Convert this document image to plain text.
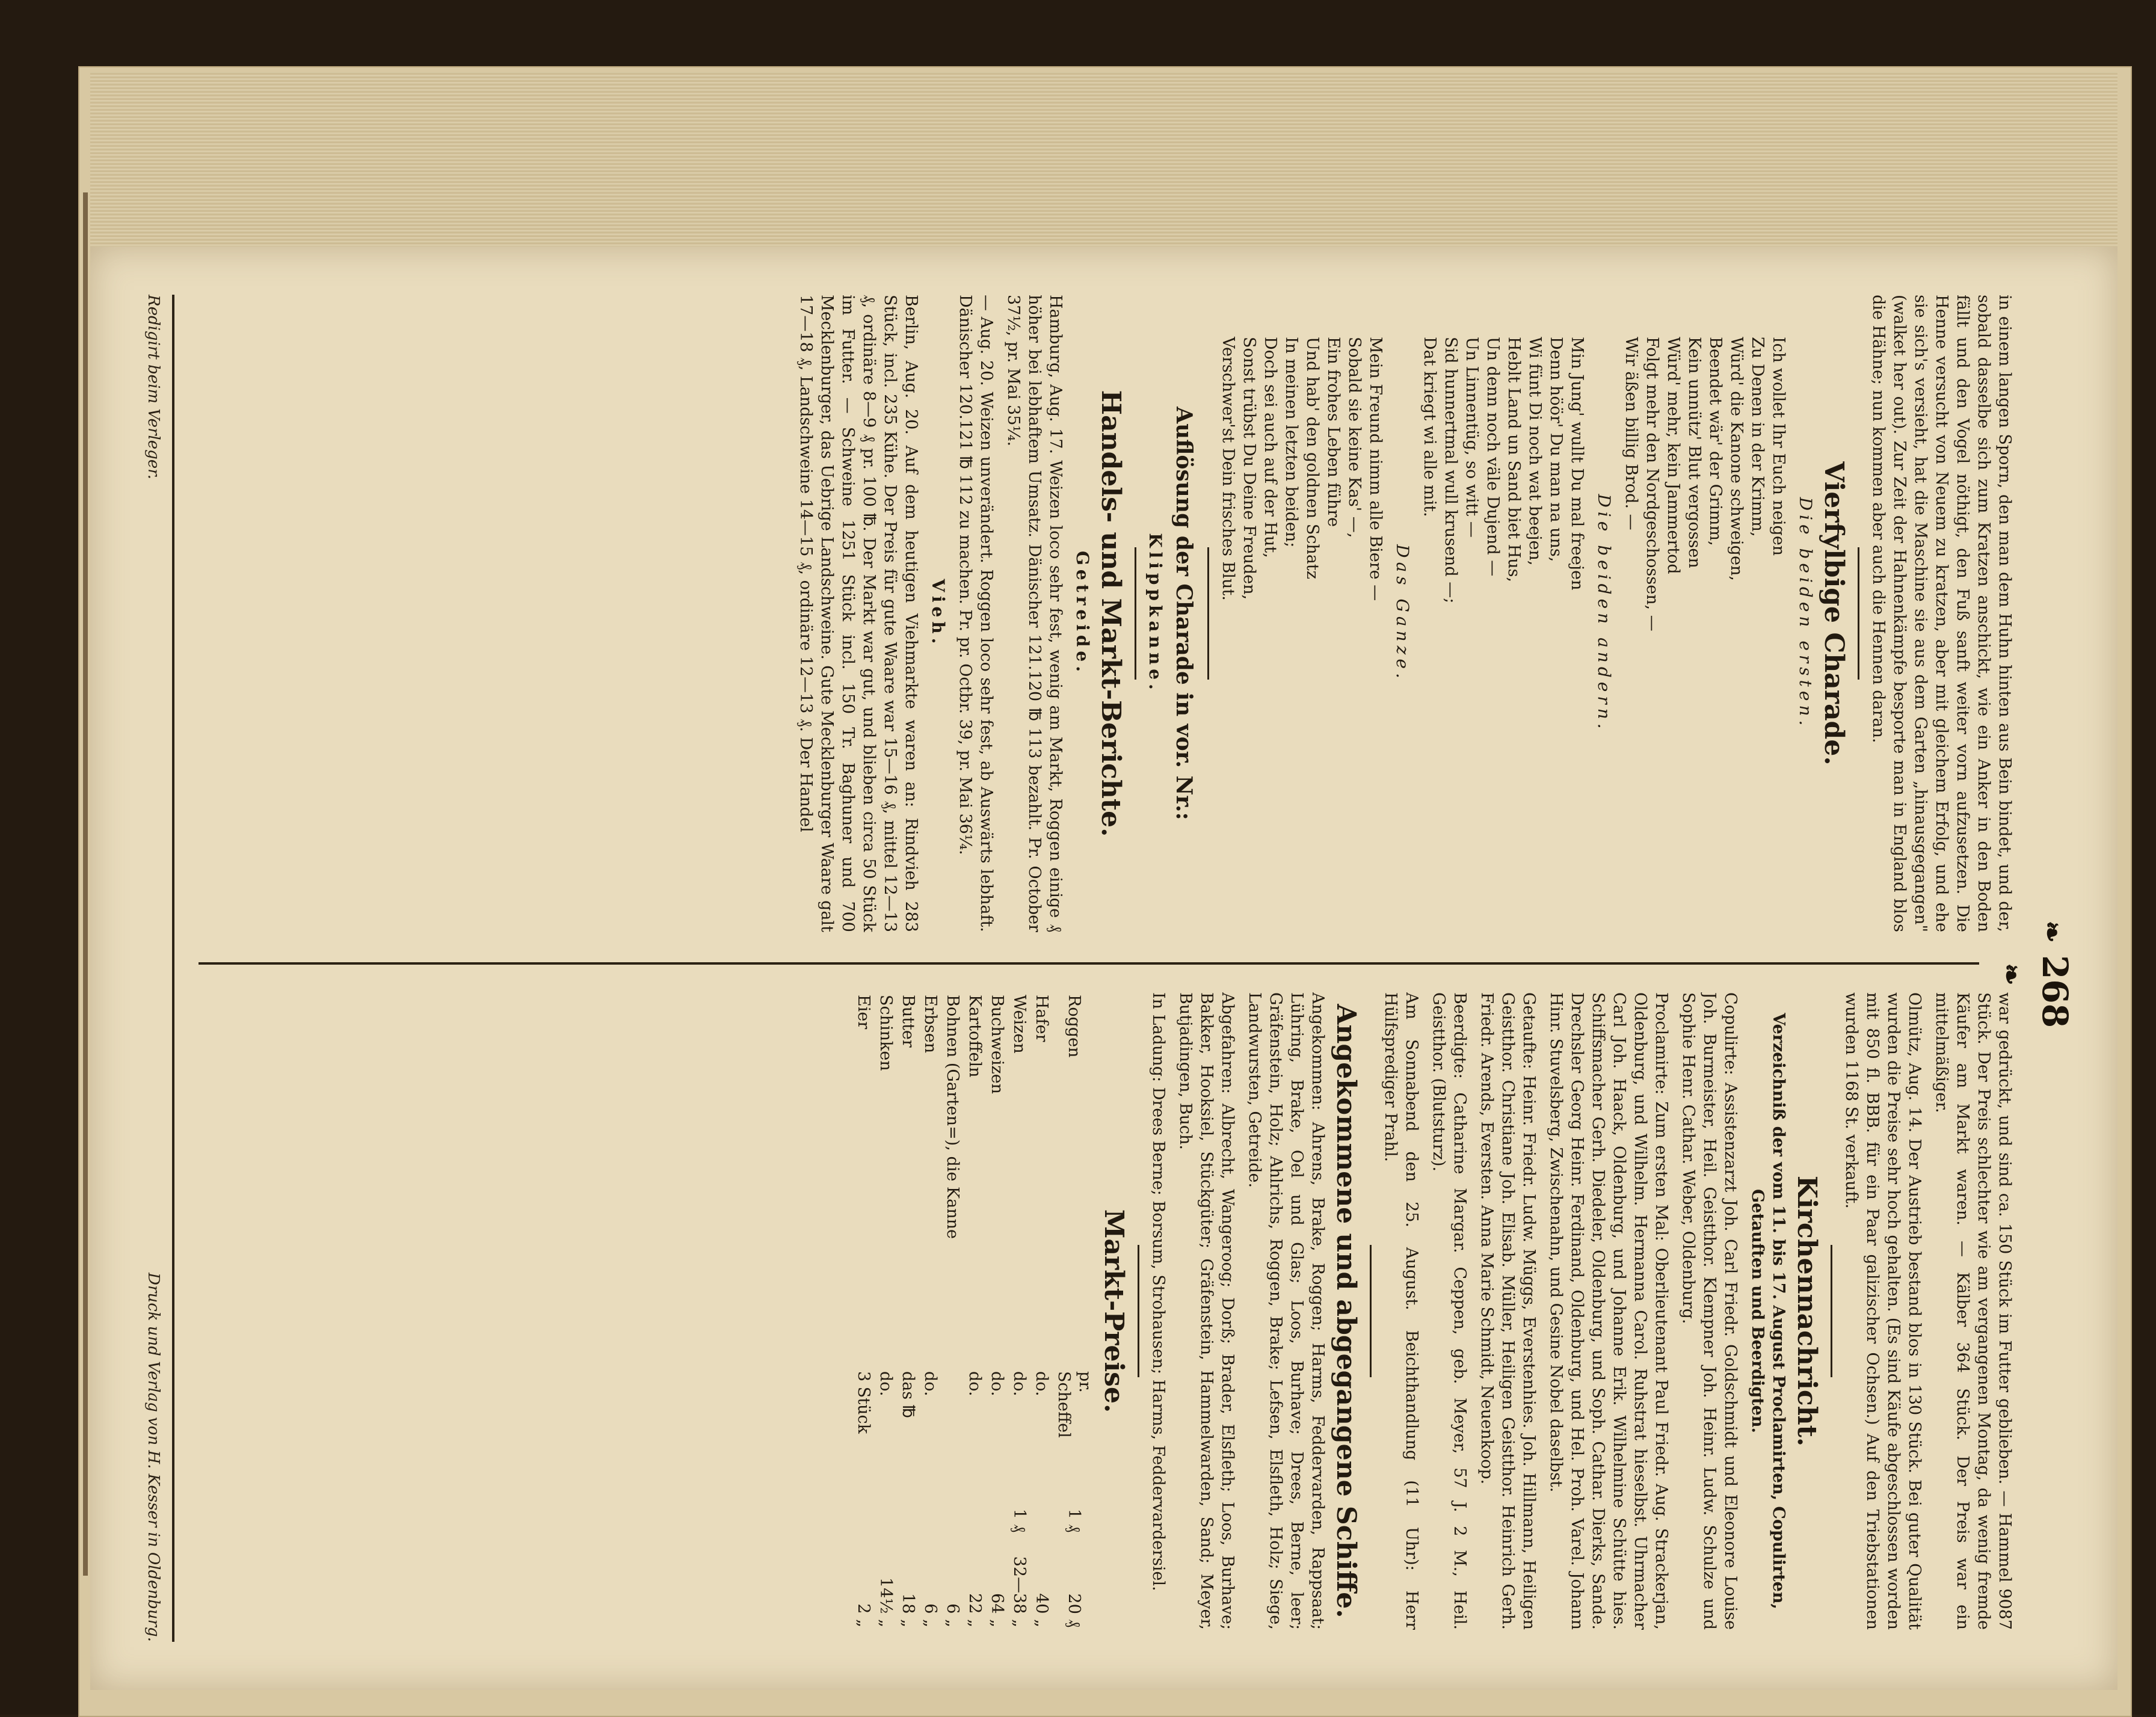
❧ 268 ❧

in einem langen Sporn, den man dem Huhn hinten aus Bein bindet, und der, sobald dasselbe sich zum Kratzen anschickt, wie ein Anker in den Boden fällt und den Vogel nöthigt, den Fuß sanft weiter vorn aufzusetzen. Die Henne versucht von Neuem zu kratzen, aber mit gleichem Erfolg, und ehe sie sich's versieht, hat die Maschine sie aus dem Garten „hinausgegangen" (walket her out). Zur Zeit der Hahnenkämpfe besporte man in England blos die Hähne; nun kommen aber auch die Hennen daran.

Vierfylbige Charade.
Die beiden ersten.
Ich wollet Ihr Euch neigen
Zu Denen in der Krimm,
Würd' die Kanone schweigen,
Beendet wär' der Grimm,
Kein unnütz' Blut vergossen
Würd' mehr, kein Jammertod
Folgt mehr den Nordgeschossen, —
Wir äßen billig Brod. —
Die beiden andern.
Min Jung' wullt Du mal freejen
Denn höör' Du man na uns,
Wi fünt Di noch wat beejen,
Heblt Land un Sand biet Hus,
Un denn noch väle Dujend —
Un Linnentüg, so witt —
Sid hunnertmal wull krusend —;
Dat kriegt wi alle mit.
Das Ganze.
Mein Freund nimm alle Biere —
Sobald sie keine Kas' —,
Ein frohes Leben führe
Und hab' den goldnen Schatz
In meinen letzten beiden;
Doch sei auch auf der Hut,
Sonst trübst Du Deine Freuden,
Verschwer'st Dein frisches Blut.
Auflösung der Charade in vor. Nr.:
Klippkanne.
Handels- und Markt-Berichte.
Getreide.

Hamburg, Aug. 17. Weizen loco sehr fest, wenig am Markt, Roggen einige ₰ höher bei lebhaftem Umsatz. Dänischer 121.120 ℔ 113 bezahlt. Pr. October 37½, pr. Mai 35¼.

— Aug. 20. Weizen unverändert. Roggen loco sehr fest, ab Auswärts lebhaft. Dänischer 120.121 ℔ 112 zu machen. Pr. pr. Octbr. 39, pr. Mai 36¼.

Vieh.

Berlin, Aug. 20. Auf dem heutigen Viehmarkte waren an: Rindvieh 283 Stück, incl. 235 Kühe. Der Preis für gute Waare war 15—16 ₰, mittel 12—13 ₰, ordinäre 8—9 ₰ pr. 100 ℔. Der Markt war gut, und blieben circa 50 Stück im Futter. — Schweine 1251 Stück incl. 150 Tr. Baghuner und 700 Mecklenburger, das Uebrige Landschweine. Gute Mecklenburger Waare galt 17—18 ₰, Landschweine 14—15 ₰, ordinäre 12—13 ₰. Der Handel

war gedrückt, und sind ca. 150 Stück im Futter geblieben. — Hammel 9087 Stück. Der Preis schlechter wie am vergangenen Montag, da wenig fremde Käufer am Markt waren. — Kälber 364 Stück. Der Preis war ein mittelmäßiger.

Olmütz, Aug. 14. Der Austrieb bestand blos in 130 Stück. Bei guter Qualität wurden die Preise sehr hoch gehalten. (Es sind Käufe abgeschlossen worden mit 850 fl. BBB. für ein Paar galizischer Ochsen.) Auf den Triebstationen wurden 1168 St. verkauft.

Kirchennachricht.

Verzeichniß der vom 11. bis 17. August Proclamirten, Copulirten, Getauften und Beerdigten.

Copulirte: Assistenzarzt Joh. Carl Friedr. Goldschmidt und Eleonore Louise Joh. Burmeister, Heil. Geistthor. Klempner Joh. Heinr. Ludw. Schulze und Sophie Henr. Cathar. Weber, Oldenburg.

Proclamirte: Zum ersten Mal: Oberlieutenant Paul Friedr. Aug. Strackerjan, Oldenburg, und Wilhelm. Hermanna Carol. Ruhstrat hieselbst. Uhrmacher Carl Joh. Haack, Oldenburg, und Johanne Erik. Wilhelmine Schütte hies. Schiffsmacher Gerh. Diedeler, Oldenburg, und Soph. Cathar. Dierks, Sande. Drechsler Georg Heinr. Ferdinand, Oldenburg, und Hel. Proh. Varel. Johann Hinr. Stuvelsberg, Zwischenahn, und Gesine Nobel daselbst.

Getaufte: Heinr. Friedr. Ludw. Müggs, Everstenhies. Joh. Hillmann, Heiligen Geistthor. Christiane Joh. Elisab. Müller, Heiligen Geistthor. Heinrich Gerh. Friedr. Arends, Eversten. Anna Marie Schmidt, Neuenkoop.

Beerdigte: Catharine Margar. Ceppen, geb. Meyer, 57 J. 2 M., Heil. Geistthor. (Blutsturz).

Am Sonnabend den 25. August. Beichthandlung (11 Uhr): Herr Hülfsprediger Prahl.

Angekommene und abgegangene Schiffe.

Angekommen: Ahrens, Brake, Roggen; Harms, Feddervarden, Rappsaat; Lühring, Brake, Oel und Glas; Loos, Burhave; Drees, Berne, leer; Gräfenstein, Holz; Ahlrichs, Roggen, Brake; Lefsen, Elsfleth, Holz; Siege, Landwursten, Getreide.

Abgefahren: Albrecht, Wangeroog; Dorß; Brader, Elsfleth; Loos, Burhave; Bakker, Hooksiel, Stückgüter; Gräfenstein, Hammelwarden, Sand; Meyer, Butjadingen, Buch.

In Ladung: Drees Berne; Borsum, Strohausen; Harms, Feddervardersiel.

Markt-Preise.
Roggen	pr. Scheffel	1 ₰	20 ₰
Hafer	do.		40 „
Weizen	do.	1 ₰	32—38 „
Buchweizen	do.		64 „
Kartoffeln	do.		22 „
Bohnen (Garten=), die Kanne			6 „
Erbsen	do.		6 „
Butter	das ℔		18 „
Schinken	do.		14½ „
Eier	3 Stück		2 „
Redigirt beim Verleger.
Druck und Verlag von H. Kesser in Oldenburg.
